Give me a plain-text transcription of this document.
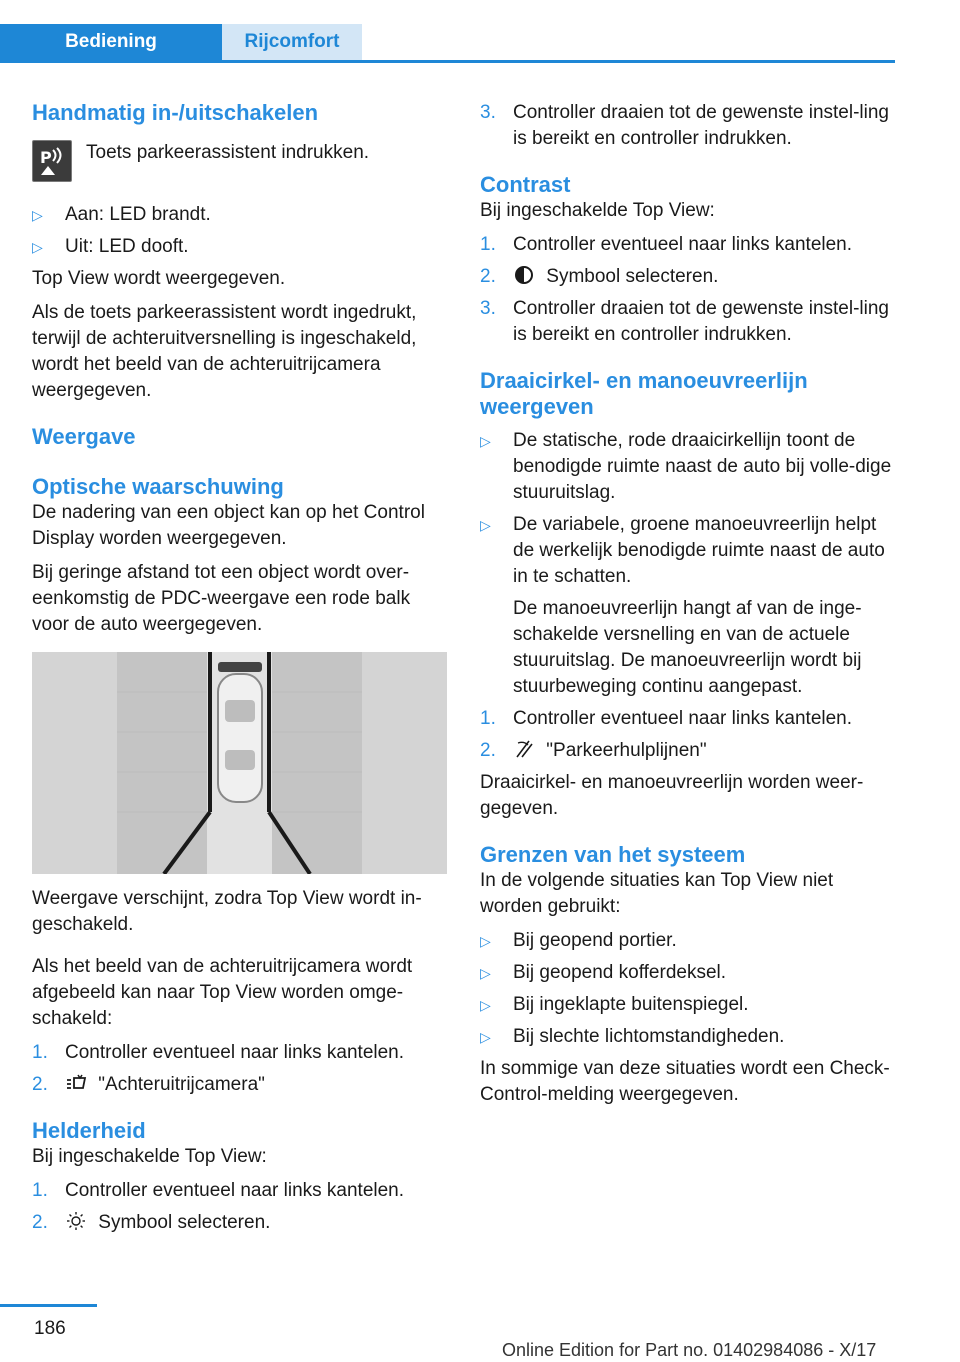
Bediening	Rijcomfort
Handmatig in-/uitschakelen
P Toets parkeerassistent indrukken.
▷ Aan: LED brandt.
▷ Uit: LED dooft.

Top View wordt weergegeven.

Als de toets parkeerassistent wordt ingedrukt, terwijl de achteruitversnelling is ingeschakeld, wordt het beeld van de achteruitrijcamera weergegeven.

Weergave
Optische waarschuwing

De nadering van een object kan op het Control Display worden weergegeven.

Bij geringe afstand tot een object wordt over-eenkomstig de PDC-weergave een rode balk voor de auto weergegeven.

Weergave verschijnt, zodra Top View wordt in-geschakeld.

Als het beeld van de achteruitrijcamera wordt afgebeeld kan naar Top View worden omge-schakeld:

1. Controller eventueel naar links kantelen.
2.	"Achteruitrijcamera"
Helderheid

Bij ingeschakelde Top View:

1. Controller eventueel naar links kantelen.
2.	Symbool selecteren.
3. Controller draaien tot de gewenste instel-ling is bereikt en controller indrukken.
Contrast

Bij ingeschakelde Top View:

1. Controller eventueel naar links kantelen.
2.	Symbool selecteren.
3. Controller draaien tot de gewenste instel-ling is bereikt en controller indrukken.
Draaicirkel- en manoeuvreerlijn weergeven
▷ De statische, rode draaicirkellijn toont de benodigde ruimte naast de auto bij volle-dige stuuruitslag.
▷ De variabele, groene manoeuvreerlijn helpt de werkelijk benodigde ruimte naast de auto in te schatten.
De manoeuvreerlijn hangt af van de inge-schakelde versnelling en van de actuele stuuruitslag. De manoeuvreerlijn wordt bij stuurbeweging continu aangepast.
1. Controller eventueel naar links kantelen.
2.	"Parkeerhulplijnen"

Draaicirkel- en manoeuvreerlijn worden weer-gegeven.

Grenzen van het systeem

In de volgende situaties kan Top View niet worden gebruikt:

▷ Bij geopend portier.
▷ Bij geopend kofferdeksel.
▷ Bij ingeklapte buitenspiegel.
▷ Bij slechte lichtomstandigheden.

In sommige van deze situaties wordt een Check-Control-melding weergegeven.

186
Online Edition for Part no. 01402984086 - X/17
